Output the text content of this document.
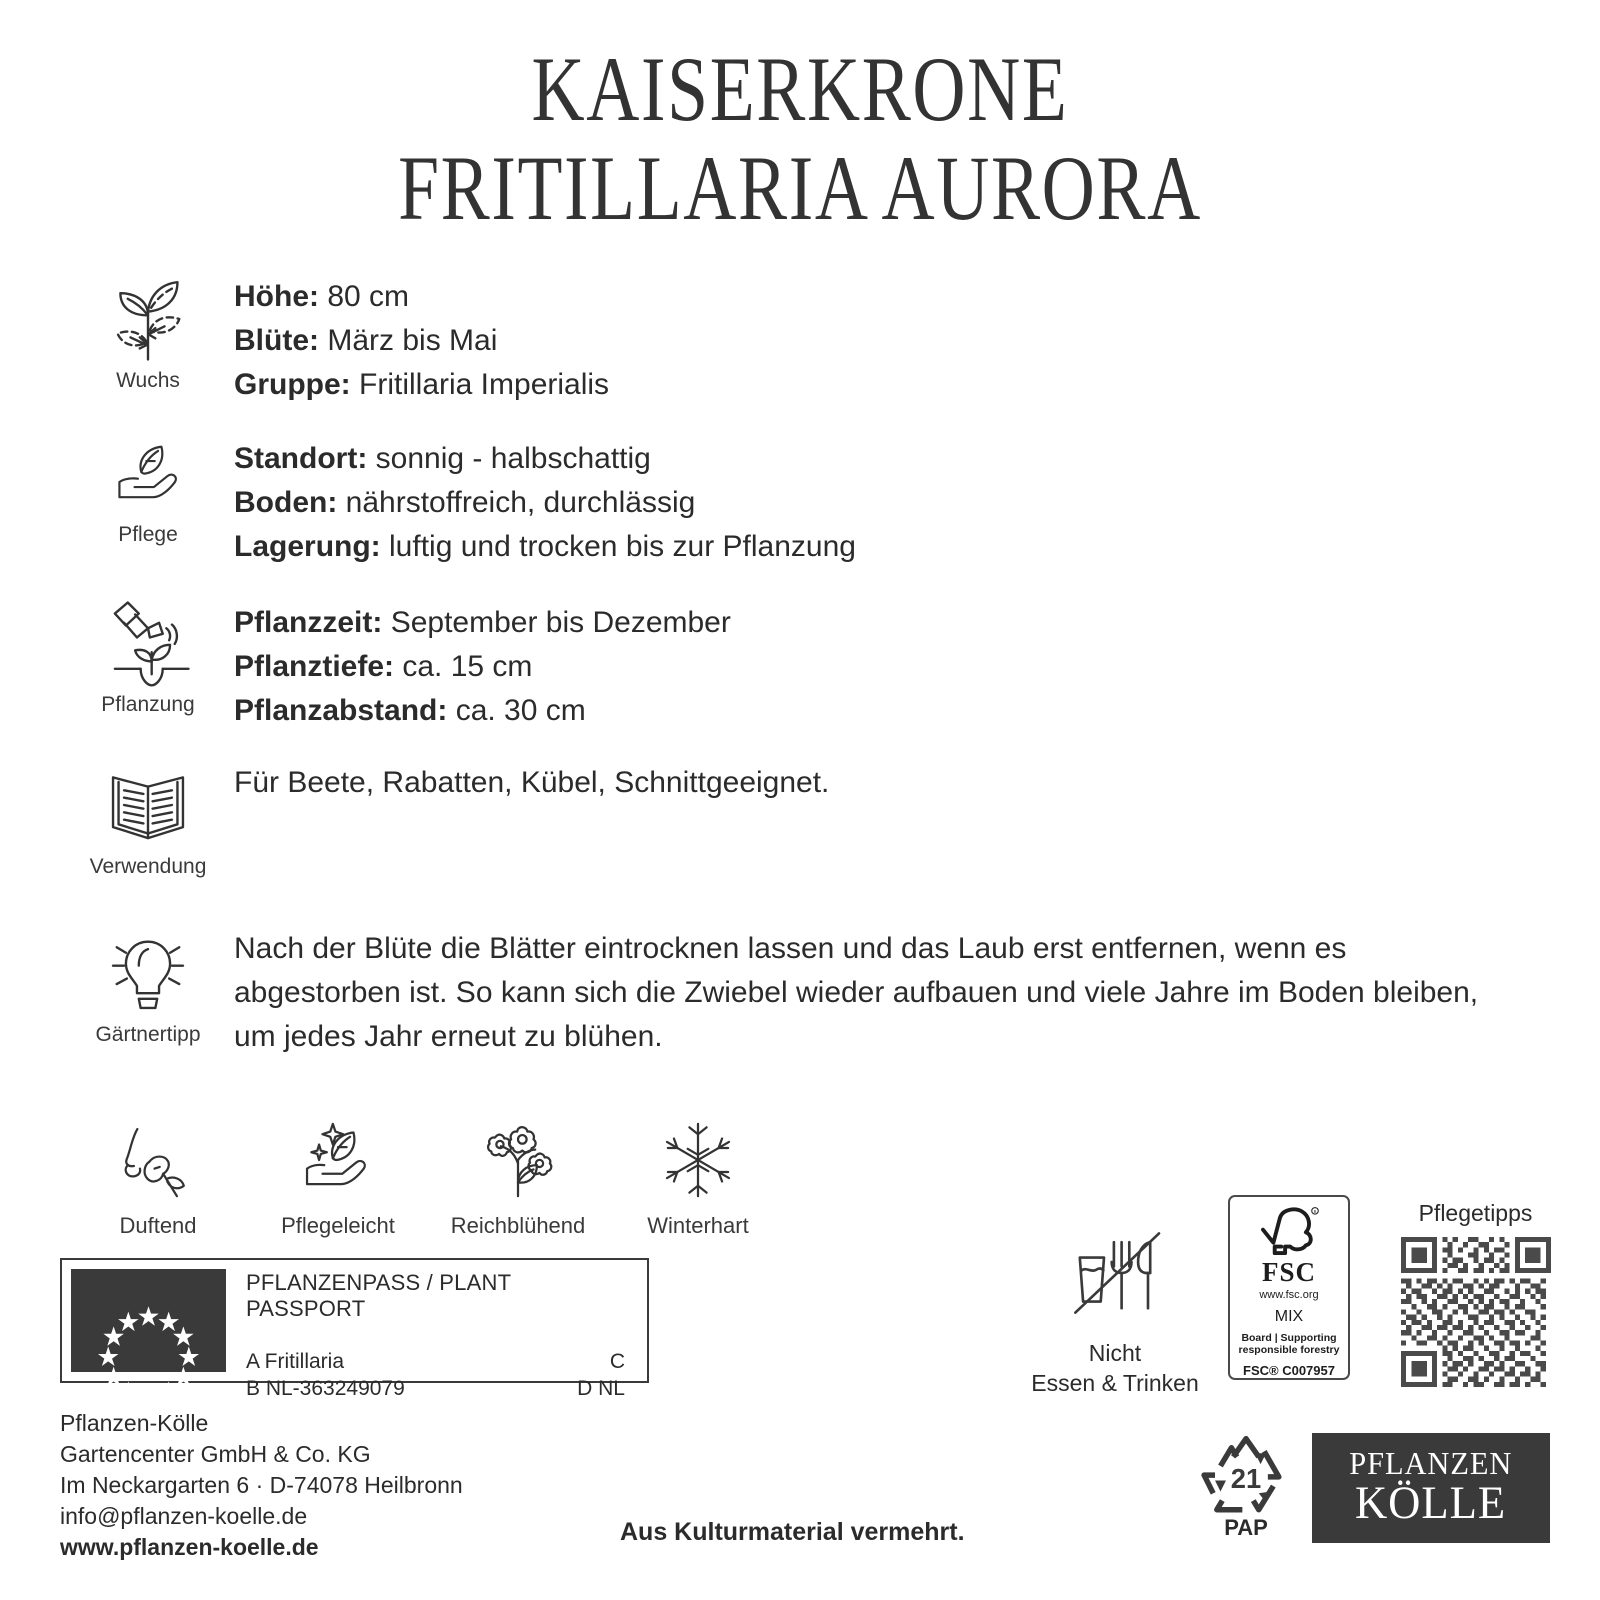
KAISERKRONE
FRITILLARIA AURORA
Wuchs
Höhe: 80 cm
Blüte: März bis Mai
Gruppe: Fritillaria Imperialis
Pflege
Standort: sonnig - halbschattig
Boden: nährstoffreich, durchlässig
Lagerung: luftig und trocken bis zur Pflanzung
Pflanzung
Pflanzzeit: September bis Dezember
Pflanztiefe: ca. 15 cm
Pflanzabstand: ca. 30 cm
Verwendung
Für Beete, Rabatten, Kübel, Schnittgeeignet.
Gärtnertipp
Nach der Blüte die Blätter eintrocknen lassen und das Laub erst entfernen, wenn es abgestorben ist. So kann sich die Zwiebel wieder aufbauen und viele Jahre im Boden bleiben, um jedes Jahr erneut zu blühen.
Duftend	Pflegeleicht	Reichblühend	Winterhart
PFLANZENPASS / PLANT PASSPORT
A Fritillaria	C
B NL-363249079	D NL
Pflanzen-Kölle
Gartencenter GmbH & Co. KG
Im Neckargarten 6 · D-74078 Heilbronn
info@pflanzen-koelle.de
www.pflanzen-koelle.de
Aus Kulturmaterial vermehrt.
Nicht
Essen & Trinken
R
FSC
www.fsc.org
MIX
Board | Supporting
responsible forestry
FSC® C007957
Pflegetipps
21
PAP
PFLANZEN
KÖLLE
